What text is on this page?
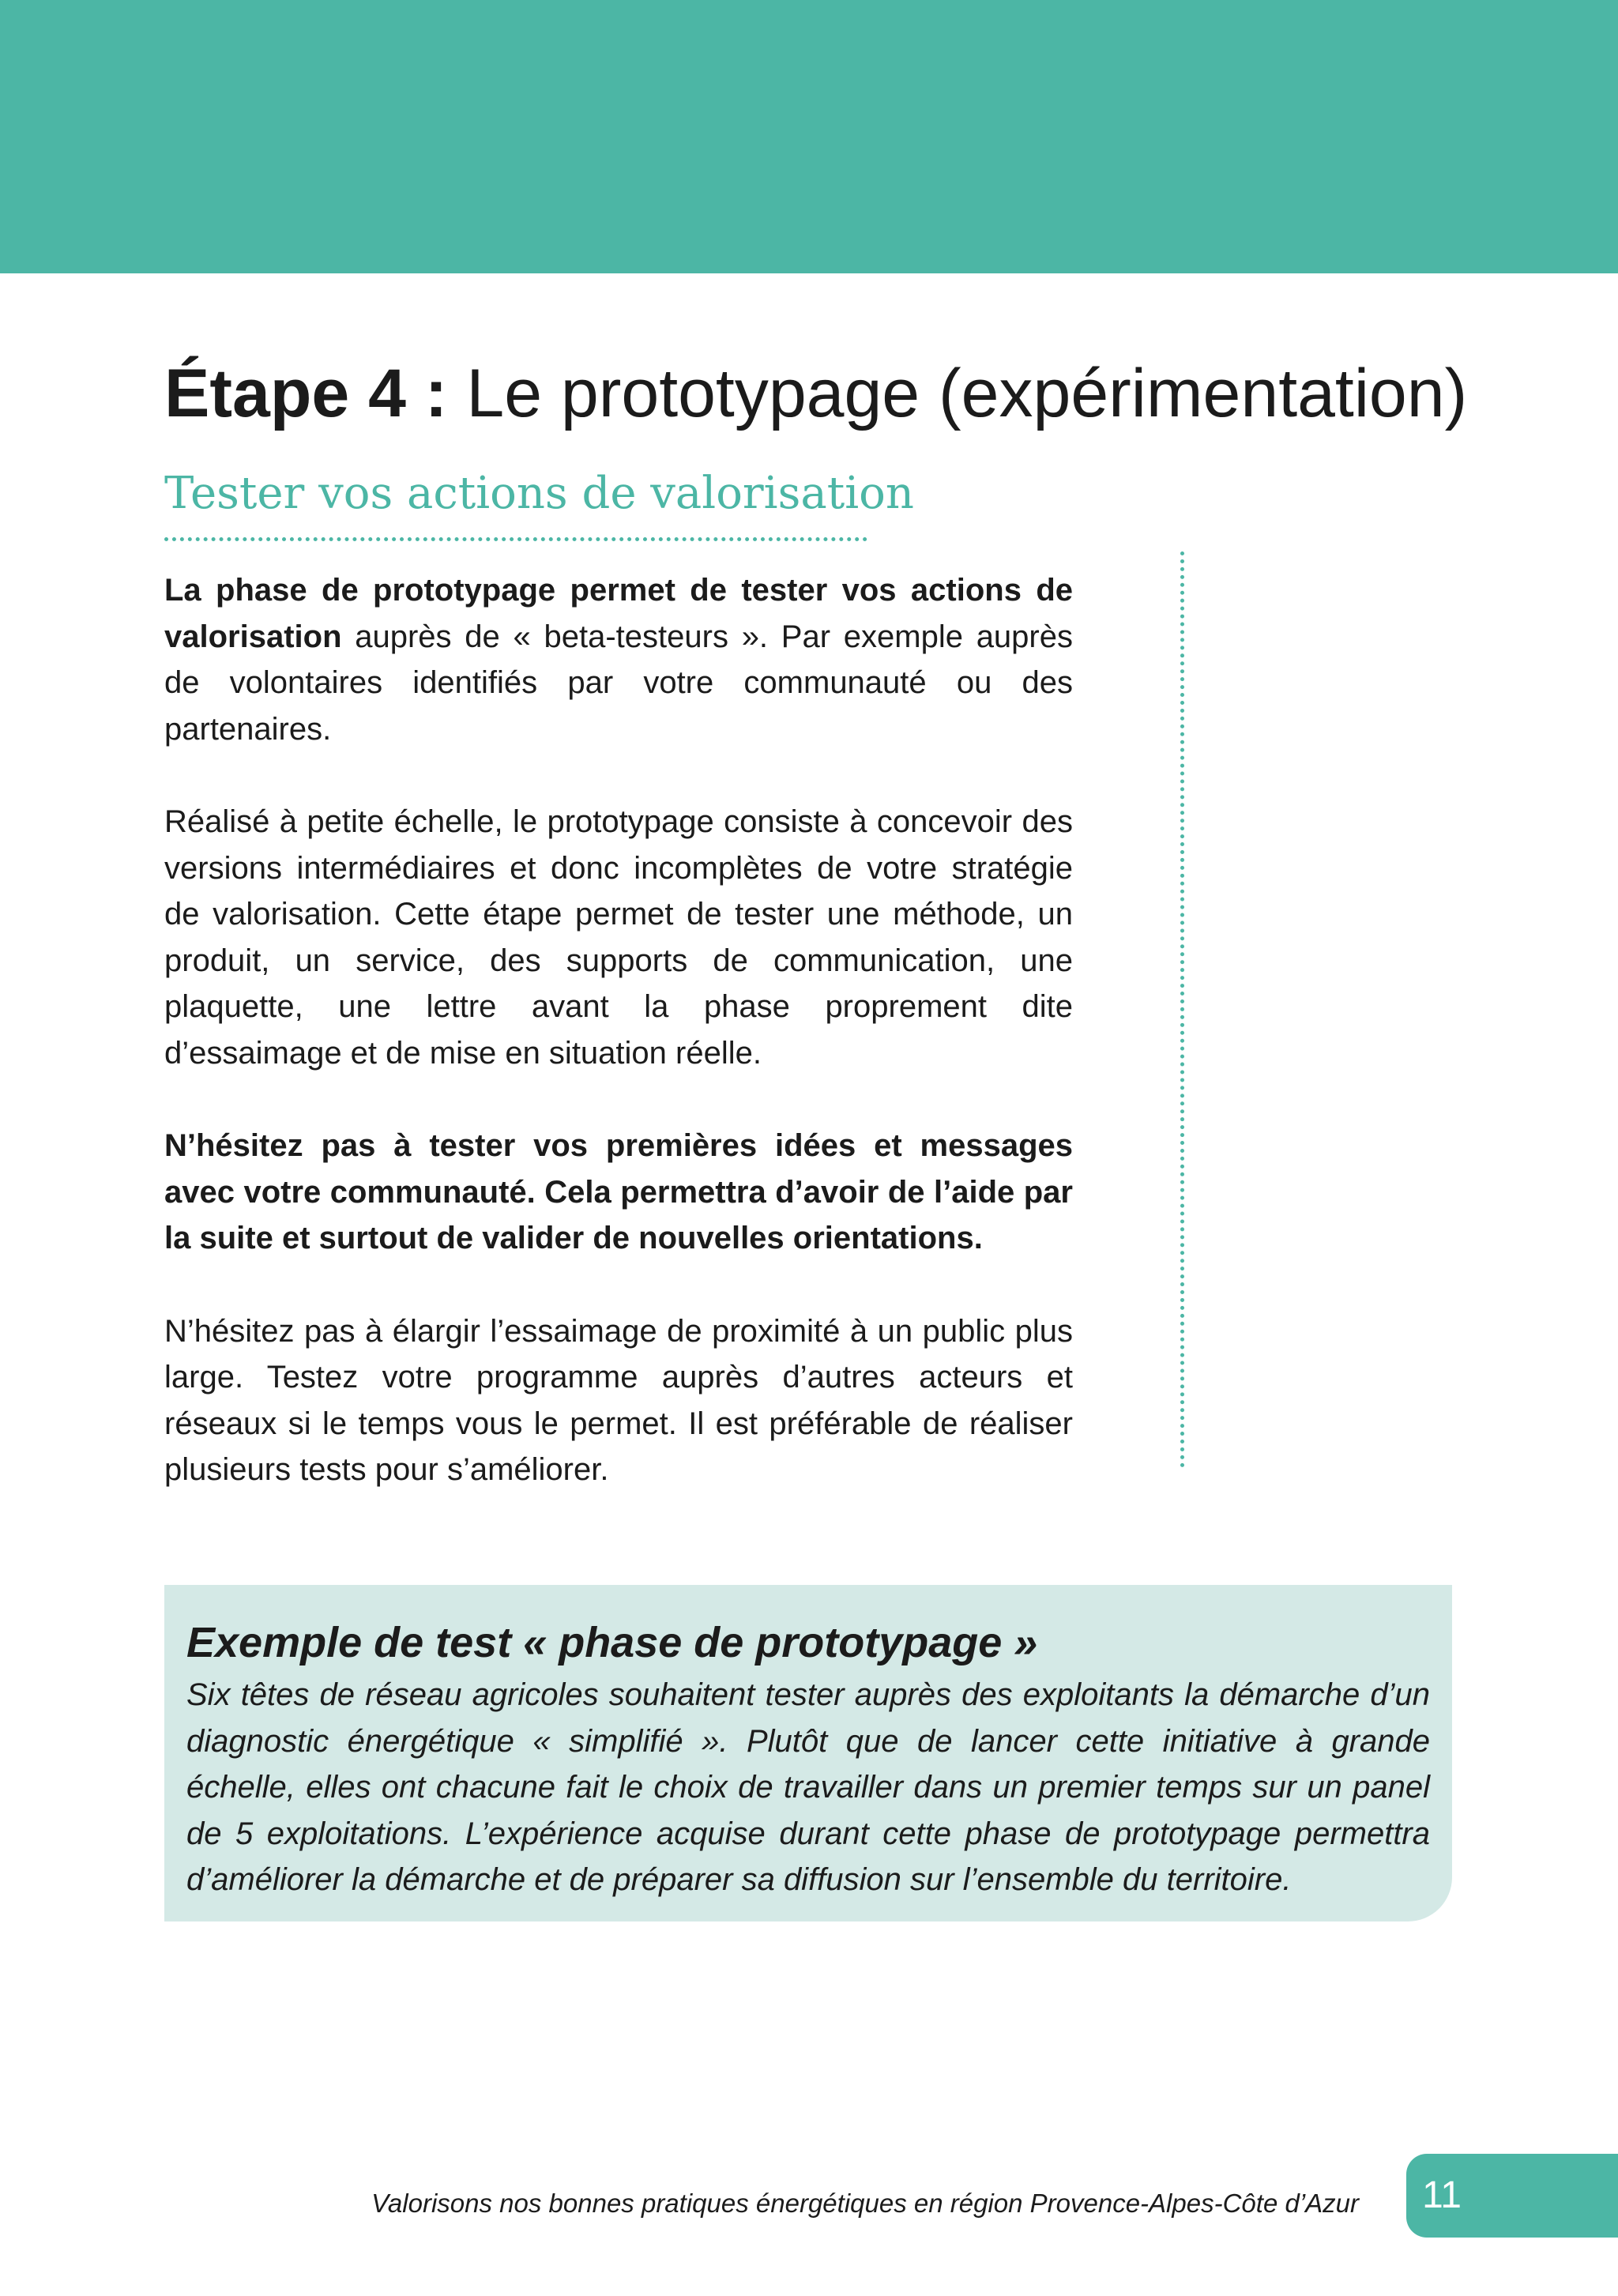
Étape 4 : Le prototypage (expérimentation)
Tester vos actions de valorisation

La phase de prototypage permet de tester vos actions de valorisation auprès de « beta-testeurs ». Par exemple auprès de volontaires identifiés par votre communauté ou des partenaires.

Réalisé à petite échelle, le prototypage consiste à concevoir des versions intermédiaires et donc incomplètes de votre stratégie de valorisation. Cette étape permet de tester une méthode, un produit, un service, des supports de communication, une plaquette, une lettre avant la phase proprement dite d’essaimage et de mise en situation réelle.

N’hésitez pas à tester vos premières idées et messages avec votre communauté. Cela permettra d’avoir de l’aide par la suite et surtout de valider de nouvelles orientations.

N’hésitez pas à élargir l’essaimage de proximité à un public plus large. Testez votre programme auprès d’autres acteurs et réseaux si le temps vous le permet. Il est préférable de réaliser plusieurs tests pour s’améliorer.

Exemple de test « phase de prototypage »

Six têtes de réseau agricoles souhaitent tester auprès des exploitants la démarche d’un diagnostic énergétique « simplifié ». Plutôt que de lancer cette initiative à grande échelle, elles ont chacune fait le choix de travailler dans un premier temps sur un panel de 5 exploitations. L’expérience acquise durant cette phase de prototypage permettra d’améliorer la démarche et de préparer sa diffusion sur l’ensemble du territoire.

Valorisons nos bonnes pratiques énergétiques en région Provence-Alpes-Côte d’Azur	11
